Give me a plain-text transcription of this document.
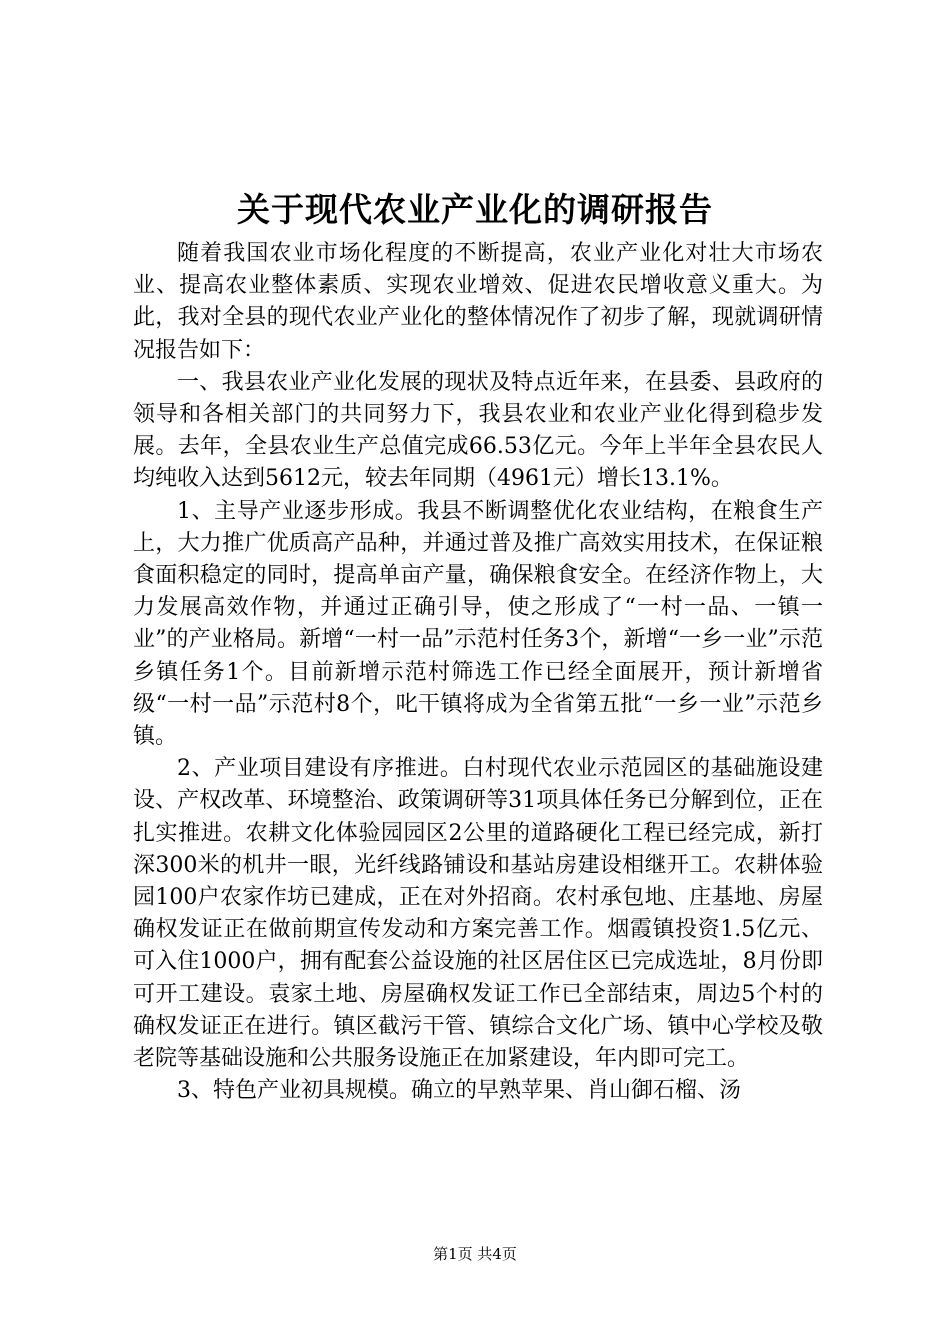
关于现代农业产业化的调研报告

随着我国农业市场化程度的不断提高，农业产业化对壮大市场农业、提高农业整体素质、实现农业增效、促进农民增收意义重大。为此，我对全县的现代农业产业化的整体情况作了初步了解，现就调研情况报告如下：

一、我县农业产业化发展的现状及特点近年来，在县委、县政府的领导和各相关部门的共同努力下，我县农业和农业产业化得到稳步发展。去年，全县农业生产总值完成66.53亿元。今年上半年全县农民人均纯收入达到5612元，较去年同期（4961元）增长13.1%。

1、主导产业逐步形成。我县不断调整优化农业结构，在粮食生产上，大力推广优质高产品种，并通过普及推广高效实用技术，在保证粮食面积稳定的同时，提高单亩产量，确保粮食安全。在经济作物上，大力发展高效作物，并通过正确引导，使之形成了“一村一品、一镇一业”的产业格局。新增“一村一品”示范村任务3个，新增“一乡一业”示范乡镇任务1个。目前新增示范村筛选工作已经全面展开，预计新增省级“一村一品”示范村8个，叱干镇将成为全省第五批“一乡一业”示范乡镇。

2、产业项目建设有序推进。白村现代农业示范园区的基础施设建设、产权改革、环境整治、政策调研等31项具体任务已分解到位，正在扎实推进。农耕文化体验园园区2公里的道路硬化工程已经完成，新打深300米的机井一眼，光纤线路铺设和基站房建设相继开工。农耕体验园100户农家作坊已建成，正在对外招商。农村承包地、庄基地、房屋确权发证正在做前期宣传发动和方案完善工作。烟霞镇投资1.5亿元、可入住1000户，拥有配套公益设施的社区居住区已完成选址，8月份即可开工建设。袁家土地、房屋确权发证工作已全部结束，周边5个村的确权发证正在进行。镇区截污干管、镇综合文化广场、镇中心学校及敬老院等基础设施和公共服务设施正在加紧建设，年内即可完工。

3、特色产业初具规模。确立的早熟苹果、肖山御石榴、汤

第1页 共4页
